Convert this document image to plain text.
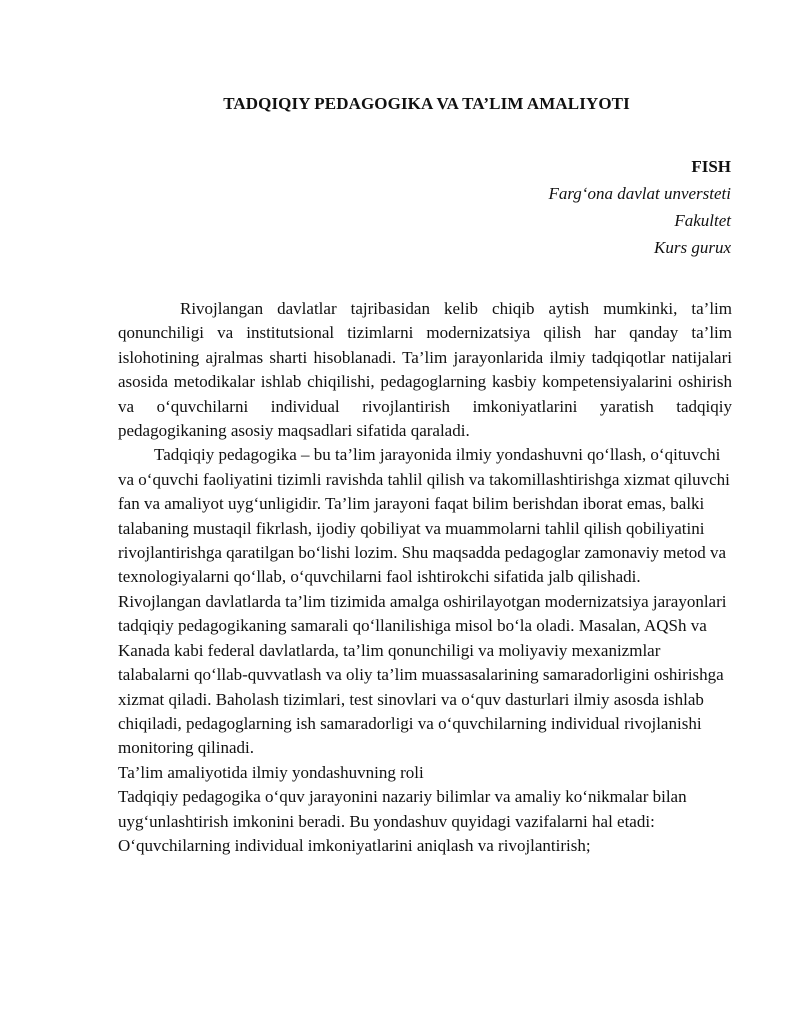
TADQIQIY PEDAGOGIKA VA TA’LIM AMALIYOTI
FISH
Farg‘ona davlat unversteti
Fakultet
Kurs gurux

Rivojlangan davlatlar tajribasidan kelib chiqib aytish mumkinki, ta’lim qonunchiligi va institutsional tizimlarni modernizatsiya qilish har qanday ta’lim islohotining ajralmas sharti hisoblanadi. Ta’lim jarayonlarida ilmiy tadqiqotlar natijalari asosida metodikalar ishlab chiqilishi, pedagoglarning kasbiy kompetensiyalarini oshirish va o‘quvchilarni individual rivojlantirish imkoniyatlarini yaratish tadqiqiy pedagogikaning asosiy maqsadlari sifatida qaraladi.

Tadqiqiy pedagogika – bu ta’lim jarayonida ilmiy yondashuvni qo‘llash, o‘qituvchi va o‘quvchi faoliyatini tizimli ravishda tahlil qilish va takomillashtirishga xizmat qiluvchi fan va amaliyot uyg‘unligidir. Ta’lim jarayoni faqat bilim berishdan iborat emas, balki talabaning mustaqil fikrlash, ijodiy qobiliyat va muammolarni tahlil qilish qobiliyatini rivojlantirishga qaratilgan bo‘lishi lozim. Shu maqsadda pedagoglar zamonaviy metod va texnologiyalarni qo‘llab, o‘quvchilarni faol ishtirokchi sifatida jalb qilishadi.

Rivojlangan davlatlarda ta’lim tizimida amalga oshirilayotgan modernizatsiya jarayonlari tadqiqiy pedagogikaning samarali qo‘llanilishiga misol bo‘la oladi. Masalan, AQSh va Kanada kabi federal davlatlarda, ta’lim qonunchiligi va moliyaviy mexanizmlar talabalarni qo‘llab-quvvatlash va oliy ta’lim muassasalarining samaradorligini oshirishga xizmat qiladi. Baholash tizimlari, test sinovlari va o‘quv dasturlari ilmiy asosda ishlab chiqiladi, pedagoglarning ish samaradorligi va o‘quvchilarning individual rivojlanishi monitoring qilinadi.

Ta’lim amaliyotida ilmiy yondashuvning roli

Tadqiqiy pedagogika o‘quv jarayonini nazariy bilimlar va amaliy ko‘nikmalar bilan uyg‘unlashtirish imkonini beradi. Bu yondashuv quyidagi vazifalarni hal etadi:

O‘quvchilarning individual imkoniyatlarini aniqlash va rivojlantirish;
